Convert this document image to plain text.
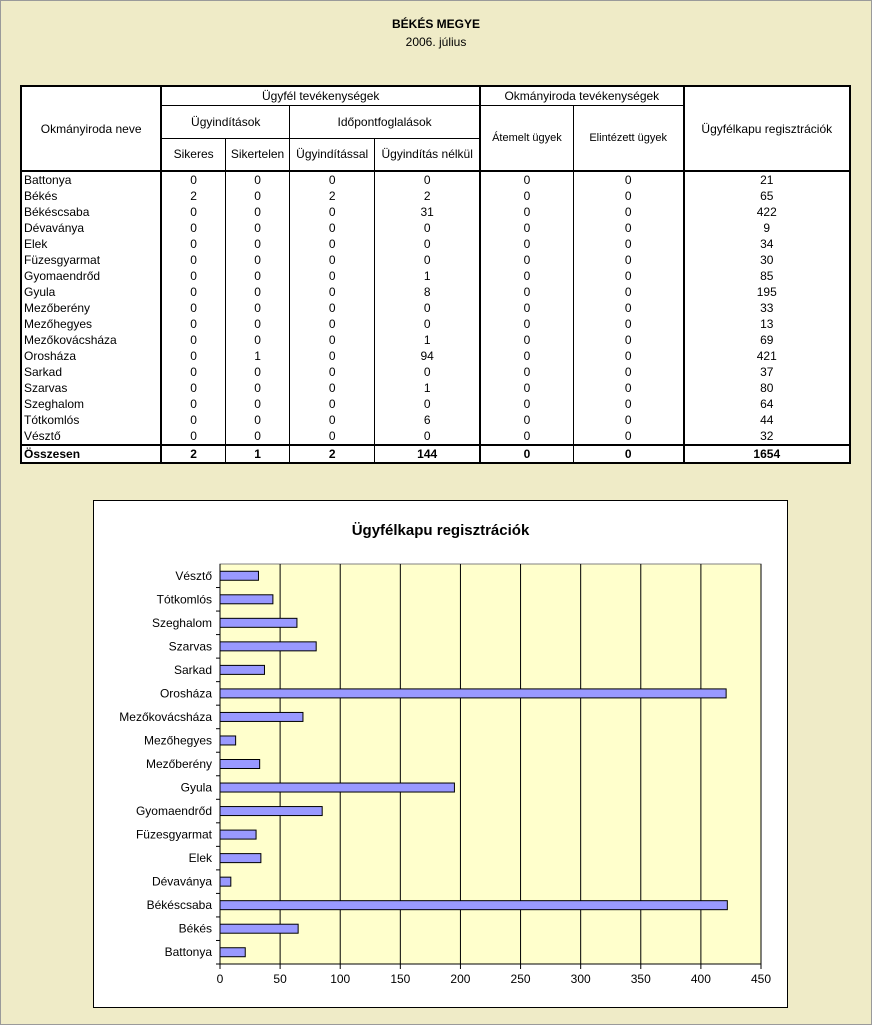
BÉKÉS MEGYE
2006. július
Okmányiroda neve	Ügyfél tevékenységek				Okmányiroda tevékenységek		Ügyfélkapu regisztrációk
	Ügyindítások		Időpontfoglalások		Átemelt ügyek	Elintézett ügyek	
	Sikeres	Sikertelen	Ügyindítással	Ügyindítás nélkül			
Battonya	0	0	0	0	0	0	21
Békés	2	0	2	2	0	0	65
Békéscsaba	0	0	0	31	0	0	422
Dévaványa	0	0	0	0	0	0	9
Elek	0	0	0	0	0	0	34
Füzesgyarmat	0	0	0	0	0	0	30
Gyomaendrőd	0	0	0	1	0	0	85
Gyula	0	0	0	8	0	0	195
Mezőberény	0	0	0	0	0	0	33
Mezőhegyes	0	0	0	0	0	0	13
Mezőkovácsháza	0	0	0	1	0	0	69
Orosháza	0	1	0	94	0	0	421
Sarkad	0	0	0	0	0	0	37
Szarvas	0	0	0	1	0	0	80
Szeghalom	0	0	0	0	0	0	64
Tótkomlós	0	0	0	6	0	0	44
Vésztő	0	0	0	0	0	0	32
Összesen	2	1	2	144	0	0	1654
0	50	100	150	200	250	300	350	400	450
Battonya
Békés
Békéscsaba
Dévaványa
Elek
Füzesgyarmat
Gyomaendrőd
Gyula
Mezőberény
Mezőhegyes
Mezőkovácsháza
Orosháza
Sarkad
Szarvas
Szeghalom
Tótkomlós
Vésztő
Ügyfélkapu regisztrációk
